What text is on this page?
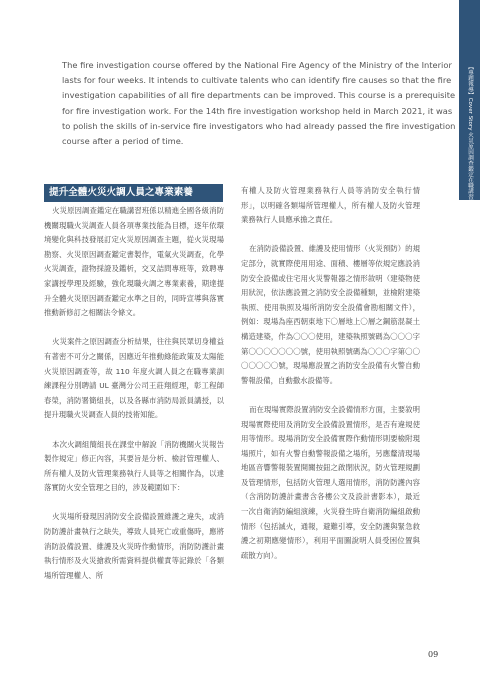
The fire investigation course offered by the National Fire Agency of the Ministry of the Interior lasts for four weeks. It intends to cultivate talents who can identify fire causes so that the fire investigation capabilities of all fire departments can be improved. This course is a prerequisite for fire investigation work. For the 14th fire investigation workshop held in March 2021, it was to polish the skills of in-service fire investigators who had already passed the fire investigation course after a period of time.

提升全體火災火調人員之專業素養

火災原因調查鑑定在職講習班係以精進全國各級消防機關現職火災調查人員各項專業技能為目標，逐年依環境變化與科技發展訂定火災原因調查主題，從火災現場勘察、火災原因調查鑑定書製作，電氣火災調查，化學火災調查，證物採證及鑑析，交叉詰問專班等，致聘專家講授學理及經驗，強化現職火調之專業素養，期達提升全體火災原因調查鑑定水準之目的，同時宣導與落實推動新修訂之相關法令條文。

火災案件之原因調查分析結果，往往與民眾切身權益有著密不可分之關係，因應近年推動綠能政策及太陽能火災原因調查等，故 110 年度火調人員之在職專業訓練課程分別聘請 UL 臺灣分公司王莊翔經理，彰工程師春榮，消防署簡組長，以及各縣市消防局派員講授，以提升現職火災調查人員的技術知能。

本次火調組簡組長在課堂中解說「消防機關火災報告製作規定」修正內容，其要旨是分析、檢討管理權人、所有權人及防火管理業務執行人員等之相關作為，以達落實防火安全管理之目的，涉及範圍如下：

火災場所發現因消防安全設備設置維護之違失，或消防防護計畫執行之缺失，導致人員死亡或重傷時，應將消防設備設置、維護及火災時作動情形，消防防護計畫執行情形及火災搶救所需資料提供權責等記錄於「各類場所管理權人、所

有權人及防火管理業務執行人員等消防安全執行情形」，以明確各類場所管理權人，所有權人及防火管理業務執行人員應承擔之責任。

在消防設備設置、維護及使用情形（火災預防）的規定部分，就實際使用用途、面積、樓層等依規定應設消防安全設備或住宅用火災警報器之情形敘明（建築物使用狀況，依法應設置之消防安全設備種類，並檢附建築執照、使用執照及場所消防安全設備會勘相關文件），例如：現場為座西朝東地下〇層地上〇層之鋼筋混凝土構造建築，作為〇〇〇使用，建築執照號碼為〇〇〇字第〇〇〇〇〇〇〇號，使用執照號碼為〇〇〇字第〇〇〇〇〇〇〇號，現場應設置之消防安全設備有火警自動警報設備，自動撒水設備等。

而在現場實際設置消防安全設備情形方面，主要敘明現場實際使用及消防安全設備設置情形，是否有違規使用等情形。現場消防安全設備實際作動情形則要檢附現場照片，如有火警自動警報設備之場所，另應釐清現場地區音響警報裝置開關按鈕之啟閉狀況，防火管理規劃及管理情形，包括防火管理人選用情形，消防防護內容（含消防防護計畫書含各樓公文及設計書影本），最近一次自衛消防編組演練，火災發生時自衛消防編組啟動情形（包括滅火，通報，避難引導，安全防護與緊急救護之初期應變情形），利用平面圖說明人員受困位置與疏散方向）。

【專題報導】Cover Story 火災原因調查鑑定在職講習班
09
